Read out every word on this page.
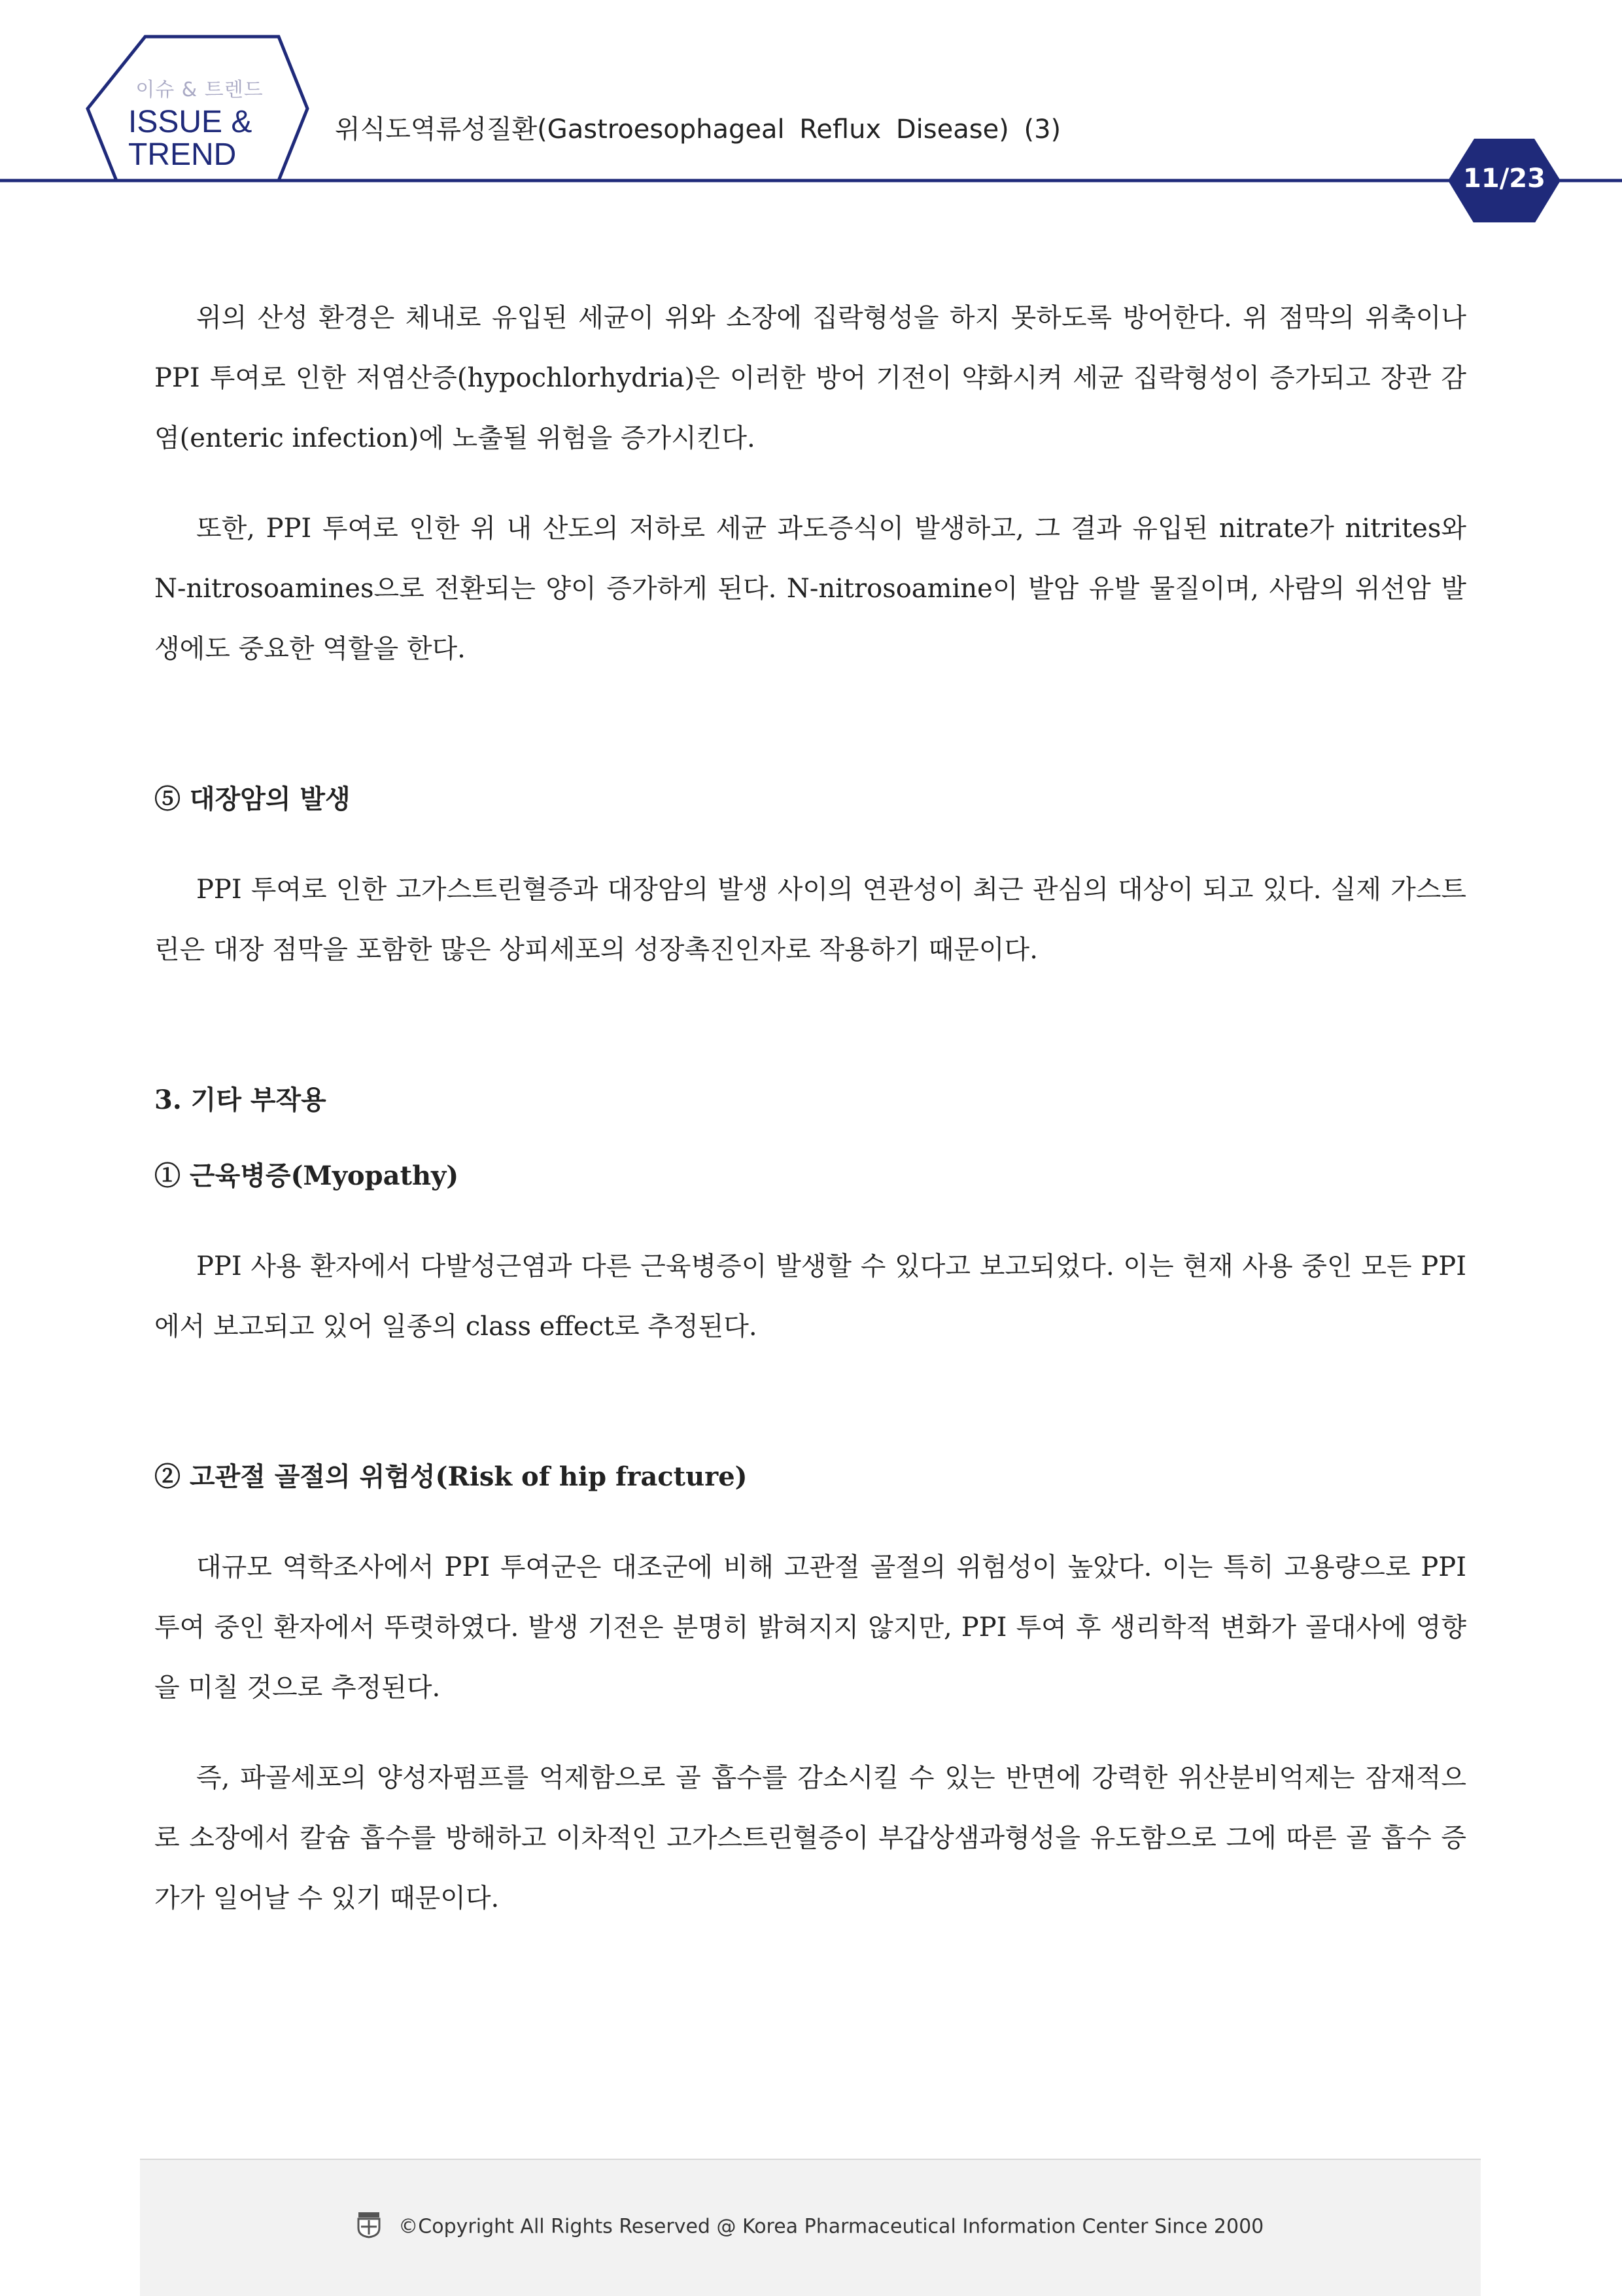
이슈 & 트렌드
ISSUE &
TREND
위식도역류성질환(Gastroesophageal Reflux Disease) (3)
11/23

위의 산성 환경은 체내로 유입된 세균이 위와 소장에 집락형성을 하지 못하도록 방어한다. 위 점막의 위축이나 PPI 투여로 인한 저염산증(hypochlorhydria)은 이러한 방어 기전이 약화시켜 세균 집락형성이 증가되고 장관 감염(enteric infection)에 노출될 위험을 증가시킨다.

또한, PPI 투여로 인한 위 내 산도의 저하로 세균 과도증식이 발생하고, 그 결과 유입된 nitrate가 nitrites와 N-nitrosoamines으로 전환되는 양이 증가하게 된다. N-nitrosoamine이 발암 유발 물질이며, 사람의 위선암 발생에도 중요한 역할을 한다.

⑤ 대장암의 발생

PPI 투여로 인한 고가스트린혈증과 대장암의 발생 사이의 연관성이 최근 관심의 대상이 되고 있다. 실제 가스트린은 대장 점막을 포함한 많은 상피세포의 성장촉진인자로 작용하기 때문이다.

3. 기타 부작용

① 근육병증(Myopathy)

PPI 사용 환자에서 다발성근염과 다른 근육병증이 발생할 수 있다고 보고되었다. 이는 현재 사용 중인 모든 PPI에서 보고되고 있어 일종의 class effect로 추정된다.

② 고관절 골절의 위험성(Risk of hip fracture)

대규모 역학조사에서 PPI 투여군은 대조군에 비해 고관절 골절의 위험성이 높았다. 이는 특히 고용량으로 PPI 투여 중인 환자에서 뚜렷하였다. 발생 기전은 분명히 밝혀지지 않지만, PPI 투여 후 생리학적 변화가 골대사에 영향을 미칠 것으로 추정된다.

즉, 파골세포의 양성자펌프를 억제함으로 골 흡수를 감소시킬 수 있는 반면에 강력한 위산분비억제는 잠재적으로 소장에서 칼슘 흡수를 방해하고 이차적인 고가스트린혈증이 부갑상샘과형성을 유도함으로 그에 따른 골 흡수 증가가 일어날 수 있기 때문이다.

©Copyright All Rights Reserved @ Korea Pharmaceutical Information Center Since 2000
